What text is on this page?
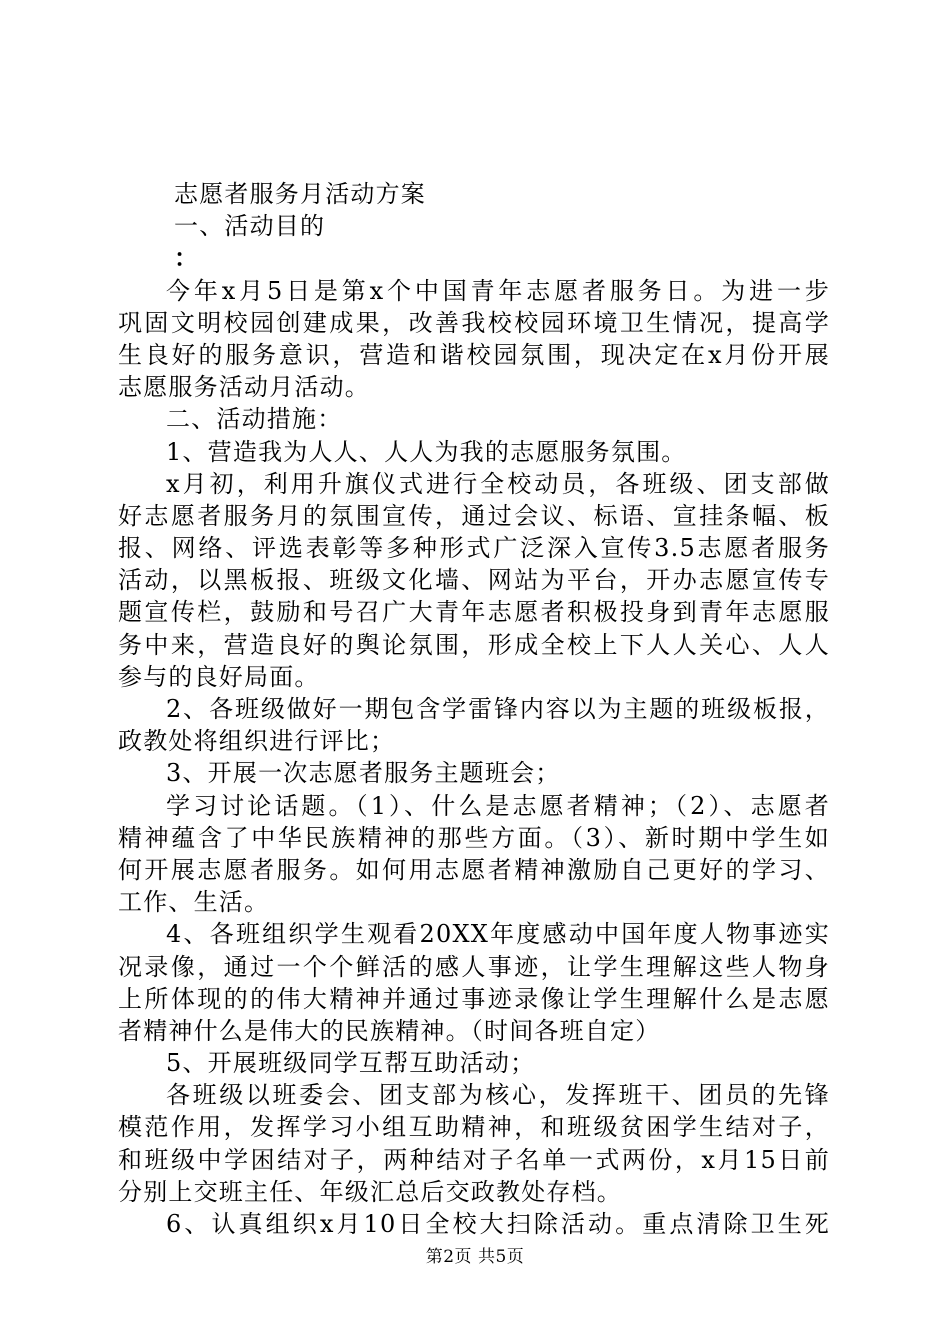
志愿者服务月活动方案
一、活动目的
：
今年x月5日是第x个中国青年志愿者服务日。为进一步
巩固文明校园创建成果，改善我校校园环境卫生情况，提高学
生良好的服务意识，营造和谐校园氛围，现决定在x月份开展
志愿服务活动月活动。
二、活动措施：
1、营造我为人人、人人为我的志愿服务氛围。
x月初，利用升旗仪式进行全校动员，各班级、团支部做
好志愿者服务月的氛围宣传，通过会议、标语、宣挂条幅、板
报、网络、评选表彰等多种形式广泛深入宣传3.5志愿者服务
活动，以黑板报、班级文化墙、网站为平台，开办志愿宣传专
题宣传栏，鼓励和号召广大青年志愿者积极投身到青年志愿服
务中来，营造良好的舆论氛围，形成全校上下人人关心、人人
参与的良好局面。
2、各班级做好一期包含学雷锋内容以为主题的班级板报，
政教处将组织进行评比；
3、开展一次志愿者服务主题班会；
学习讨论话题。（1）、什么是志愿者精神；（2）、志愿者
精神蕴含了中华民族精神的那些方面。（3）、新时期中学生如
何开展志愿者服务。如何用志愿者精神激励自己更好的学习、
工作、生活。
4、各班组织学生观看20XX年度感动中国年度人物事迹实
况录像，通过一个个鲜活的感人事迹，让学生理解这些人物身
上所体现的的伟大精神并通过事迹录像让学生理解什么是志愿
者精神什么是伟大的民族精神。（时间各班自定）
5、开展班级同学互帮互助活动；
各班级以班委会、团支部为核心，发挥班干、团员的先锋
模范作用，发挥学习小组互助精神，和班级贫困学生结对子，
和班级中学困结对子，两种结对子名单一式两份，x月15日前
分别上交班主任、年级汇总后交政教处存档。
6、认真组织x月10日全校大扫除活动。重点清除卫生死
第2页 共5页
